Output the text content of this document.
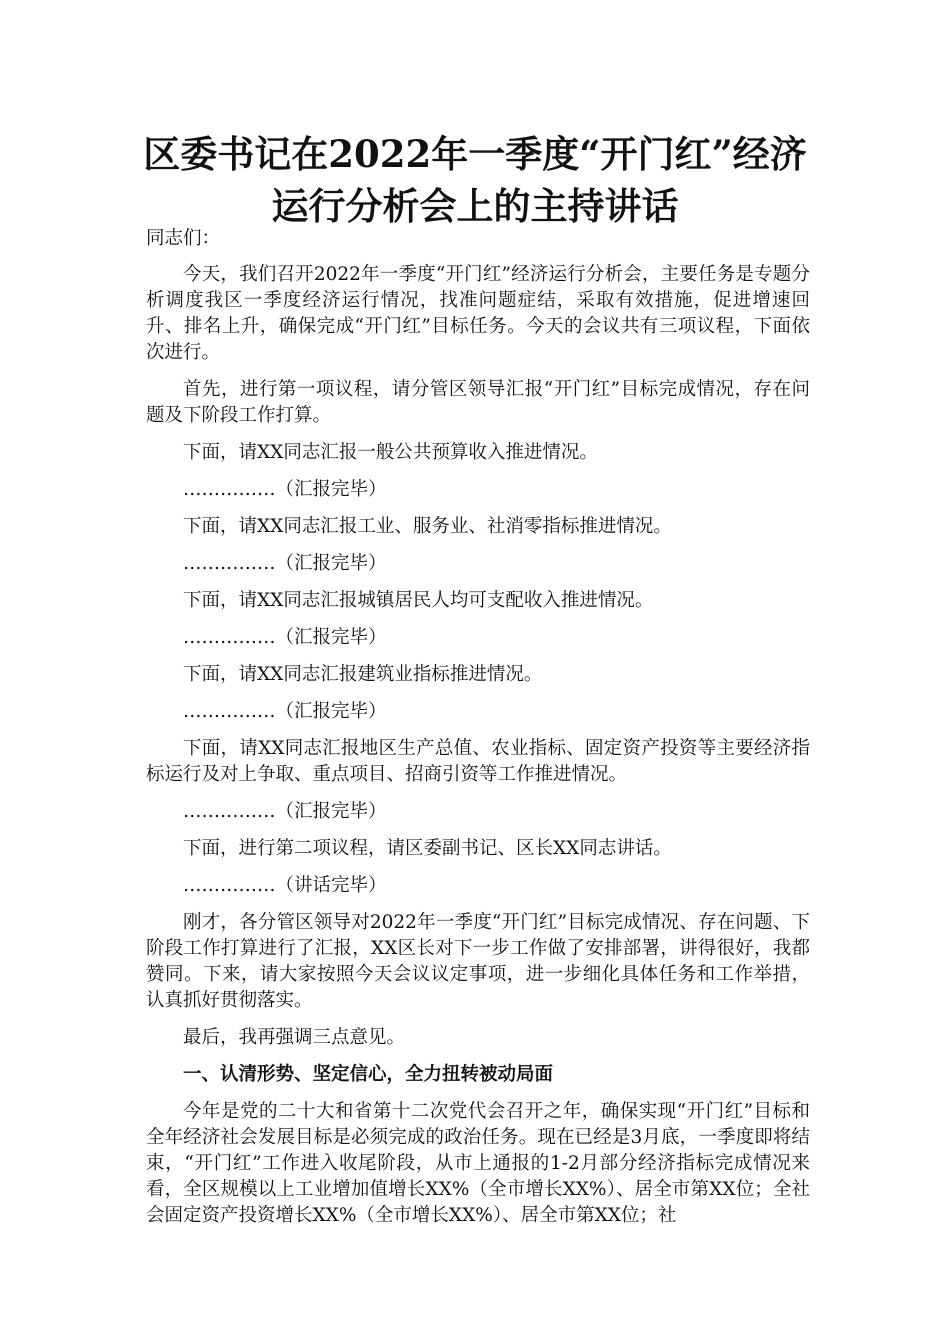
区委书记在2022年一季度“开门红”经济
运行分析会上的主持讲话

同志们：

今天，我们召开2022年一季度“开门红”经济运行分析会，主要任务是专题分析调度我区一季度经济运行情况，找准问题症结，采取有效措施，促进增速回升、排名上升，确保完成“开门红”目标任务。今天的会议共有三项议程，下面依次进行。

首先，进行第一项议程，请分管区领导汇报“开门红”目标完成情况，存在问题及下阶段工作打算。

下面，请XX同志汇报一般公共预算收入推进情况。

……………（汇报完毕）

下面，请XX同志汇报工业、服务业、社消零指标推进情况。

……………（汇报完毕）

下面，请XX同志汇报城镇居民人均可支配收入推进情况。

……………（汇报完毕）

下面，请XX同志汇报建筑业指标推进情况。

……………（汇报完毕）

下面，请XX同志汇报地区生产总值、农业指标、固定资产投资等主要经济指标运行及对上争取、重点项目、招商引资等工作推进情况。

……………（汇报完毕）

下面，进行第二项议程，请区委副书记、区长XX同志讲话。

……………（讲话完毕）

刚才，各分管区领导对2022年一季度“开门红”目标完成情况、存在问题、下阶段工作打算进行了汇报，XX区长对下一步工作做了安排部署，讲得很好，我都赞同。下来，请大家按照今天会议议定事项，进一步细化具体任务和工作举措，认真抓好贯彻落实。

最后，我再强调三点意见。

一、认清形势、坚定信心，全力扭转被动局面

今年是党的二十大和省第十二次党代会召开之年，确保实现“开门红”目标和全年经济社会发展目标是必须完成的政治任务。现在已经是3月底，一季度即将结束，“开门红”工作进入收尾阶段，从市上通报的1-2月部分经济指标完成情况来看，全区规模以上工业增加值增长XX%（全市增长XX%）、居全市第XX位；全社会固定资产投资增长XX%（全市增长XX%）、居全市第XX位；社
